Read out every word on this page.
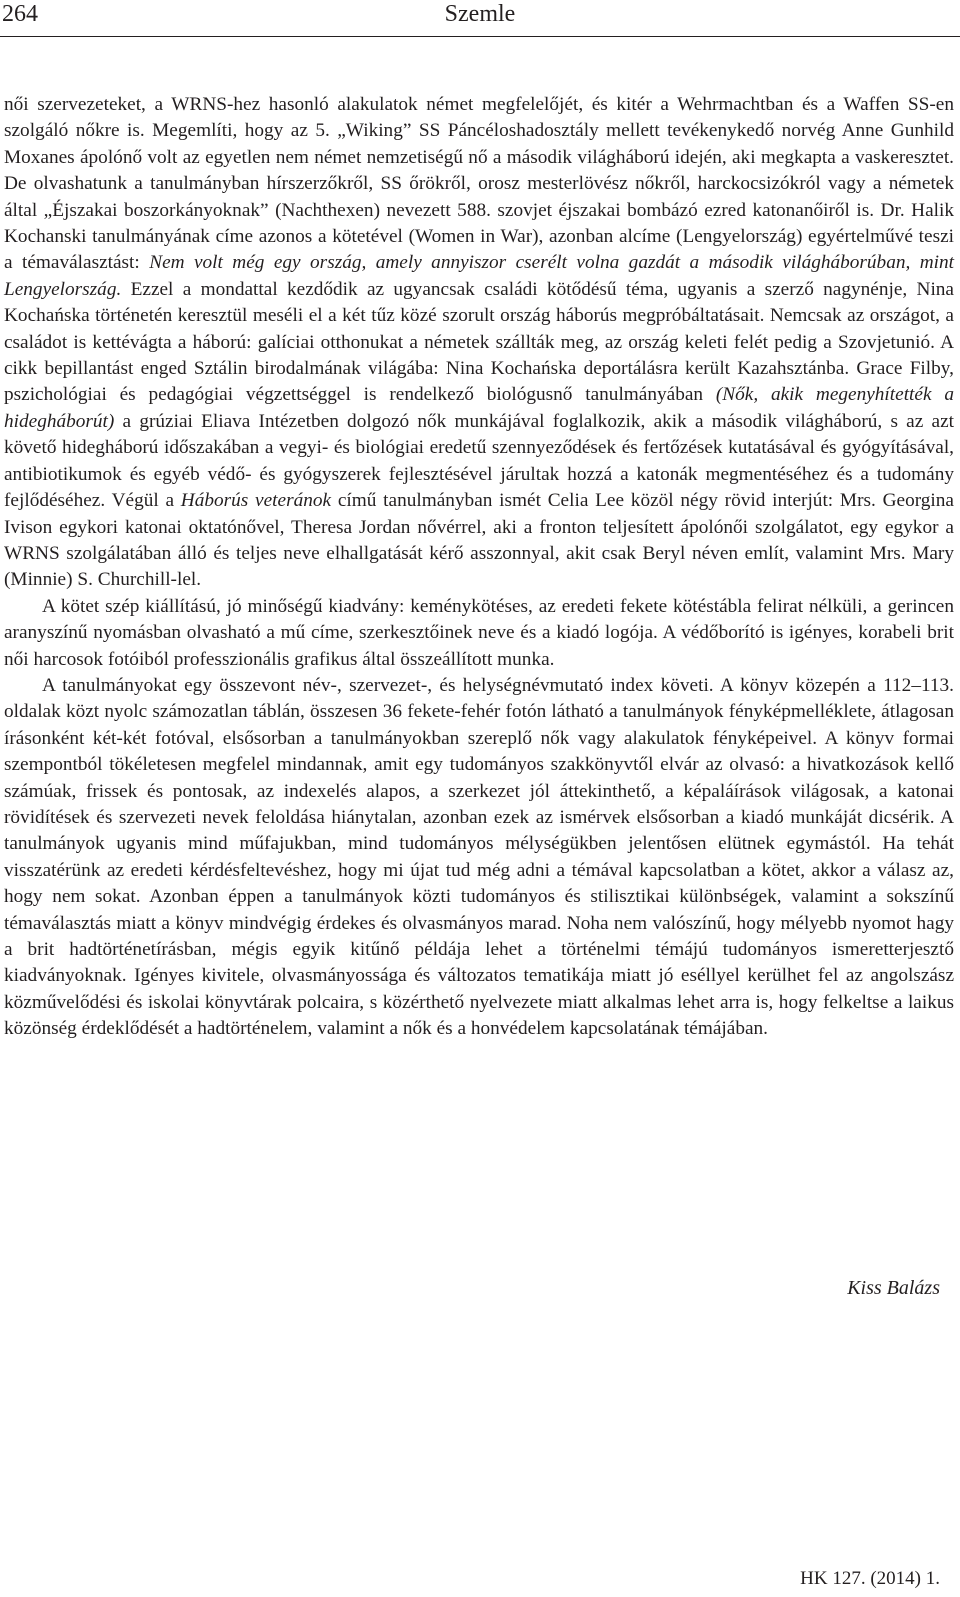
264	Szemle

női szervezeteket, a WRNS-hez hasonló alakulatok német megfelelőjét, és kitér a Wehrmachtban és a Waffen SS-en szolgáló nőkre is. Megemlíti, hogy az 5. „Wiking” SS Páncéloshadosztály mellett tevékenykedő norvég Anne Gunhild Moxanes ápolónő volt az egyetlen nem német nemzetiségű nő a második világháború idején, aki megkapta a vaskeresztet. De olvashatunk a tanulmányban hírszerzőkről, SS őrökről, orosz mesterlövész nőkről, harckocsizókról vagy a németek által „Éjszakai boszorkányoknak” (Nachthexen) nevezett 588. szovjet éjszakai bombázó ezred katonanőiről is. Dr. Halik Kochanski tanulmányának címe azonos a kötetével (Women in War), azonban alcíme (Lengyelország) egyértelművé teszi a témaválasztást: Nem volt még egy ország, amely annyiszor cserélt volna gazdát a második világháborúban, mint Lengyelország. Ezzel a mondattal kezdődik az ugyancsak családi kötődésű téma, ugyanis a szerző nagynénje, Nina Kochańska történetén keresztül meséli el a két tűz közé szorult ország háborús megpróbáltatásait. Nemcsak az országot, a családot is kettévágta a háború: galíciai otthonukat a németek szállták meg, az ország keleti felét pedig a Szovjetunió. A cikk bepillantást enged Sztálin birodalmának világába: Nina Kochańska deportálásra került Kazahsztánba. Grace Filby, pszichológiai és pedagógiai végzettséggel is rendelkező biológusnő tanulmányában (Nők, akik megenyhítették a hidegháborút) a grúziai Eliava Intézetben dolgozó nők munkájával foglalkozik, akik a második világháború, s az azt követő hidegháború időszakában a vegyi- és biológiai eredetű szennyeződések és fertőzések kutatásával és gyógyításával, antibiotikumok és egyéb védő- és gyógyszerek fejlesztésével járultak hozzá a katonák megmentéséhez és a tudomány fejlődéséhez. Végül a Háborús veteránok című tanulmányban ismét Celia Lee közöl négy rövid interjút: Mrs. Georgina Ivison egykori katonai oktatónővel, Theresa Jordan nővérrel, aki a fronton teljesített ápolónői szolgálatot, egy egykor a WRNS szolgálatában álló és teljes neve elhallgatását kérő asszonnyal, akit csak Beryl néven említ, valamint Mrs. Mary (Minnie) S. Churchill-lel.

A kötet szép kiállítású, jó minőségű kiadvány: keménykötéses, az eredeti fekete kötéstábla felirat nélküli, a gerincen aranyszínű nyomásban olvasható a mű címe, szerkesztőinek neve és a kiadó logója. A védőborító is igényes, korabeli brit női harcosok fotóiból professzionális grafikus által összeállított munka.

A tanulmányokat egy összevont név-, szervezet-, és helységnévmutató index követi. A könyv közepén a 112–113. oldalak közt nyolc számozatlan táblán, összesen 36 fekete-fehér fotón látható a tanulmányok fényképmelléklete, átlagosan írásonként két-két fotóval, elsősorban a tanulmányokban szereplő nők vagy alakulatok fényképeivel. A könyv formai szempontból tökéletesen megfelel mindannak, amit egy tudományos szakkönyvtől elvár az olvasó: a hivatkozások kellő számúak, frissek és pontosak, az indexelés alapos, a szerkezet jól áttekinthető, a képaláírások világosak, a katonai rövidítések és szervezeti nevek feloldása hiánytalan, azonban ezek az ismérvek elsősorban a kiadó munkáját dicsérik. A tanulmányok ugyanis mind műfajukban, mind tudományos mélységükben jelentősen elütnek egymástól. Ha tehát visszatérünk az eredeti kérdésfeltevéshez, hogy mi újat tud még adni a témával kapcsolatban a kötet, akkor a válasz az, hogy nem sokat. Azonban éppen a tanulmányok közti tudományos és stilisztikai különbségek, valamint a sokszínű témaválasztás miatt a könyv mindvégig érdekes és olvasmányos marad. Noha nem valószínű, hogy mélyebb nyomot hagy a brit hadtörténetírásban, mégis egyik kitűnő példája lehet a történelmi témájú tudományos ismeretterjesztő kiadványoknak. Igényes kivitele, olvasmányossága és változatos tematikája miatt jó eséllyel kerülhet fel az angolszász közművelődési és iskolai könyvtárak polcaira, s közérthető nyelvezete miatt alkalmas lehet arra is, hogy felkeltse a laikus közönség érdeklődését a hadtörténelem, valamint a nők és a honvédelem kapcsolatának témájában.

Kiss Balázs
HK 127. (2014) 1.
